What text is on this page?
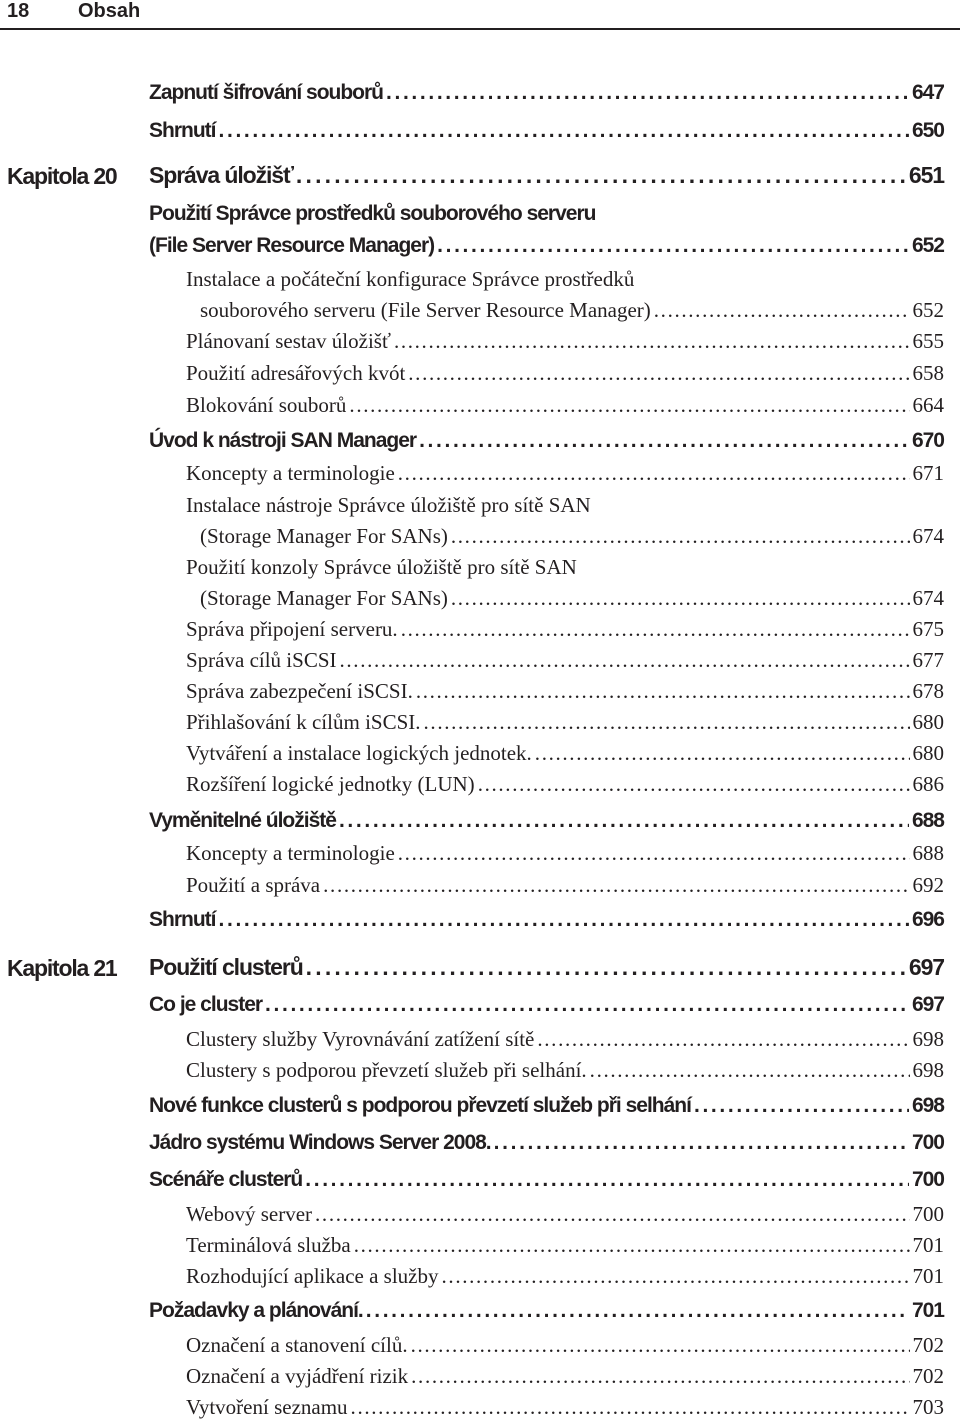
18 Obsah
Zapnutí šifrování souborů . . .	647
Shrnutí . . .	650
Kapitola 20 Správa úložišť . . .	651
Použití Správce prostředků souborového serveru
(File Server Resource Manager) . . .	652
Instalace a počáteční konfigurace Správce prostředků
souborového serveru (File Server Resource Manager) . . .	652
Plánovaní sestav úložišť . . .	655
Použití adresářových kvót . . .	658
Blokování souborů . . .	664
Úvod k nástroji SAN Manager . . .	670
Koncepty a terminologie . . .	671
Instalace nástroje Správce úložiště pro sítě SAN
(Storage Manager For SANs) . . .	674
Použití konzoly Správce úložiště pro sítě SAN
(Storage Manager For SANs) . . .	674
Správa připojení serveru. . . .	675
Správa cílů iSCSI . . .	677
Správa zabezpečení iSCSI. . . .	678
Přihlašování k cílům iSCSI. . . .	680
Vytváření a instalace logických jednotek. . . .	680
Rozšíření logické jednotky (LUN) . . .	686
Vyměnitelné úložiště . . .	688
Koncepty a terminologie . . .	688
Použití a správa . . .	692
Shrnutí . . .	696
Kapitola 21 Použití clusterů . . .	697
Co je cluster . . .	697
Clustery služby Vyrovnávání zatížení sítě . . .	698
Clustery s podporou převzetí služeb při selhání. . . .	698
Nové funkce clusterů s podporou převzetí služeb při selhání . . .	698
Jádro systému Windows Server 2008. . . .	700
Scénáře clusterů . . .	700
Webový server . . .	700
Terminálová služba . . .	701
Rozhodující aplikace a služby . . .	701
Požadavky a plánování. . . .	701
Označení a stanovení cílů. . . .	702
Označení a vyjádření rizik . . .	702
Vytvoření seznamu . . .	703
